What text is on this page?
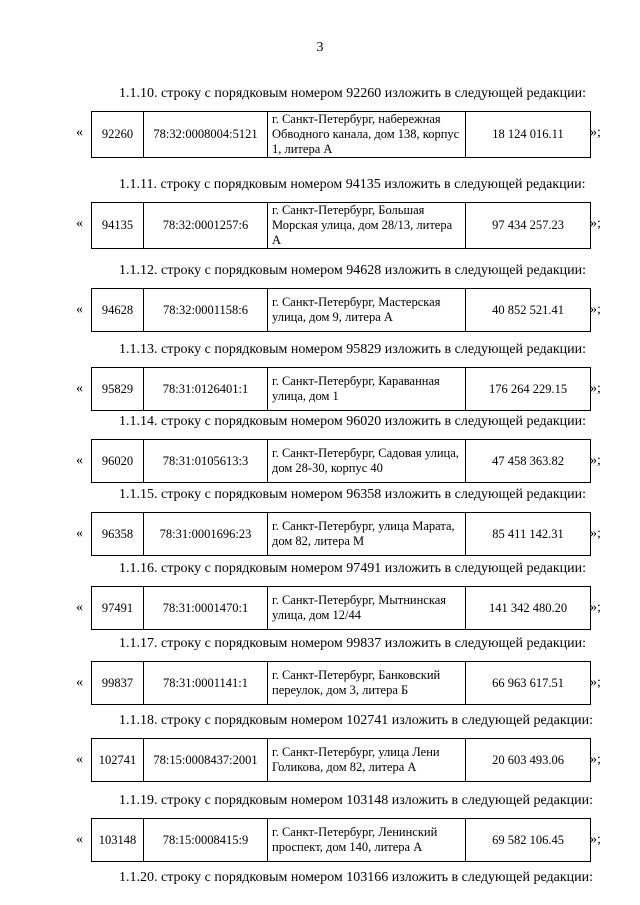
3
1.1.10. строку с порядковым номером 92260 изложить в следующей редакции:
« 92260	78:32:0008004:5121	г. Санкт-Петербург, набережная Обводного канала, дом 138, корпус 1, литера А	18 124 016.11 »;
1.1.11. строку с порядковым номером 94135 изложить в следующей редакции:
« 94135	78:32:0001257:6	г. Санкт-Петербург, Большая Морская улица, дом 28/13, литера А	97 434 257.23 »;
1.1.12. строку с порядковым номером 94628 изложить в следующей редакции:
« 94628	78:32:0001158:6	г. Санкт-Петербург, Мастерская улица, дом 9, литера А	40 852 521.41 »;
1.1.13. строку с порядковым номером 95829 изложить в следующей редакции:
« 95829	78:31:0126401:1	г. Санкт-Петербург, Караванная улица, дом 1	176 264 229.15 »;
1.1.14. строку с порядковым номером 96020 изложить в следующей редакции:
« 96020	78:31:0105613:3	г. Санкт-Петербург, Садовая улица, дом 28-30, корпус 40	47 458 363.82 »;
1.1.15. строку с порядковым номером 96358 изложить в следующей редакции:
« 96358	78:31:0001696:23	г. Санкт-Петербург, улица Марата, дом 82, литера М	85 411 142.31 »;
1.1.16. строку с порядковым номером 97491 изложить в следующей редакции:
« 97491	78:31:0001470:1	г. Санкт-Петербург, Мытнинская улица, дом 12/44	141 342 480.20 »;
1.1.17. строку с порядковым номером 99837 изложить в следующей редакции:
« 99837	78:31:0001141:1	г. Санкт-Петербург, Банковский переулок, дом 3, литера Б	66 963 617.51 »;
1.1.18. строку с порядковым номером 102741 изложить в следующей редакции:
« 102741	78:15:0008437:2001	г. Санкт-Петербург, улица Лени Голикова, дом 82, литера А	20 603 493.06 »;
1.1.19. строку с порядковым номером 103148 изложить в следующей редакции:
« 103148	78:15:0008415:9	г. Санкт-Петербург, Ленинский проспект, дом 140, литера А	69 582 106.45 »;
1.1.20. строку с порядковым номером 103166 изложить в следующей редакции:
